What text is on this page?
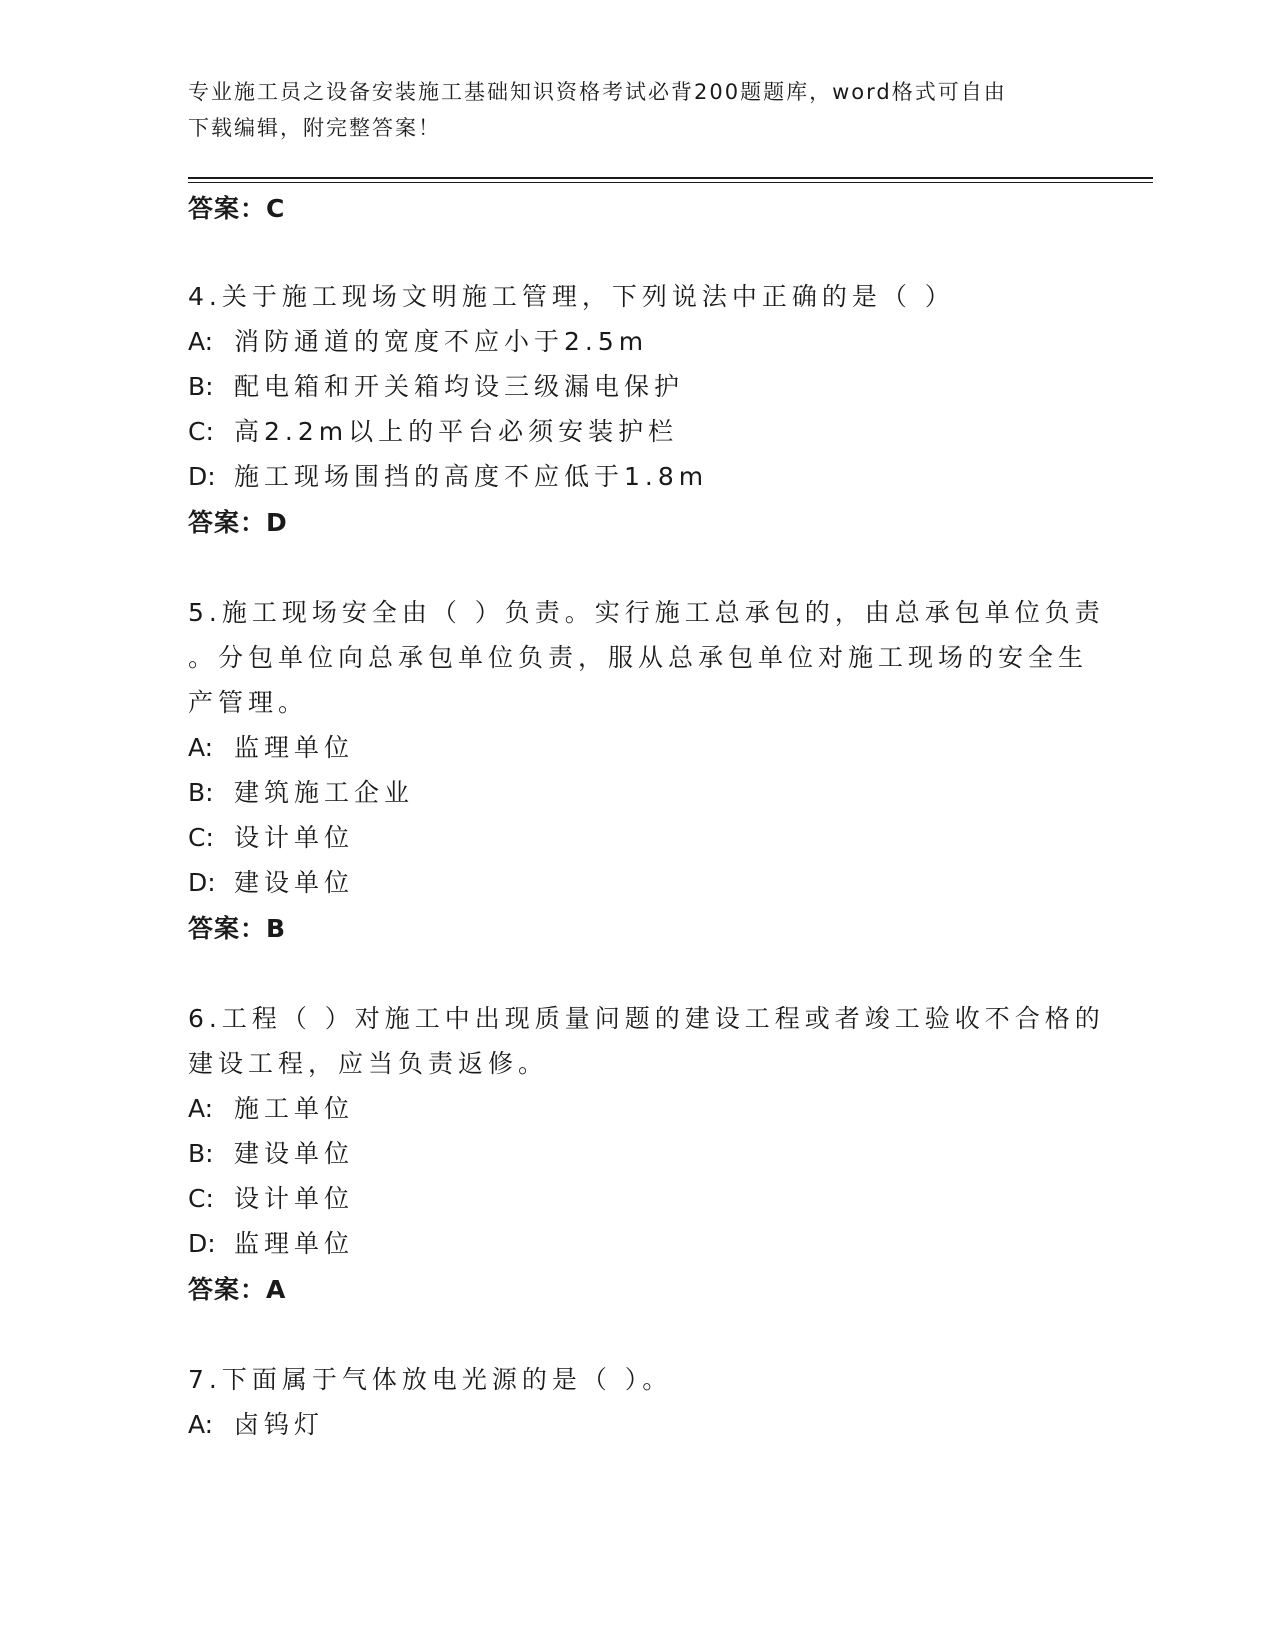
专业施工员之设备安装施工基础知识资格考试必背200题题库，word格式可自由
下载编辑，附完整答案！
答案：C
4.关于施工现场文明施工管理，下列说法中正确的是（ ）
A: 消防通道的宽度不应小于2.5m
B: 配电箱和开关箱均设三级漏电保护
C: 高2.2m以上的平台必须安装护栏
D: 施工现场围挡的高度不应低于1.8m
答案：D
5.施工现场安全由（ ）负责。实行施工总承包的，由总承包单位负责
。分包单位向总承包单位负责，服从总承包单位对施工现场的安全生
产管理。
A: 监理单位
B: 建筑施工企业
C: 设计单位
D: 建设单位
答案：B
6.工程（ ）对施工中出现质量问题的建设工程或者竣工验收不合格的
建设工程，应当负责返修。
A: 施工单位
B: 建设单位
C: 设计单位
D: 监理单位
答案：A
7.下面属于气体放电光源的是（ ）。
A: 卤钨灯
